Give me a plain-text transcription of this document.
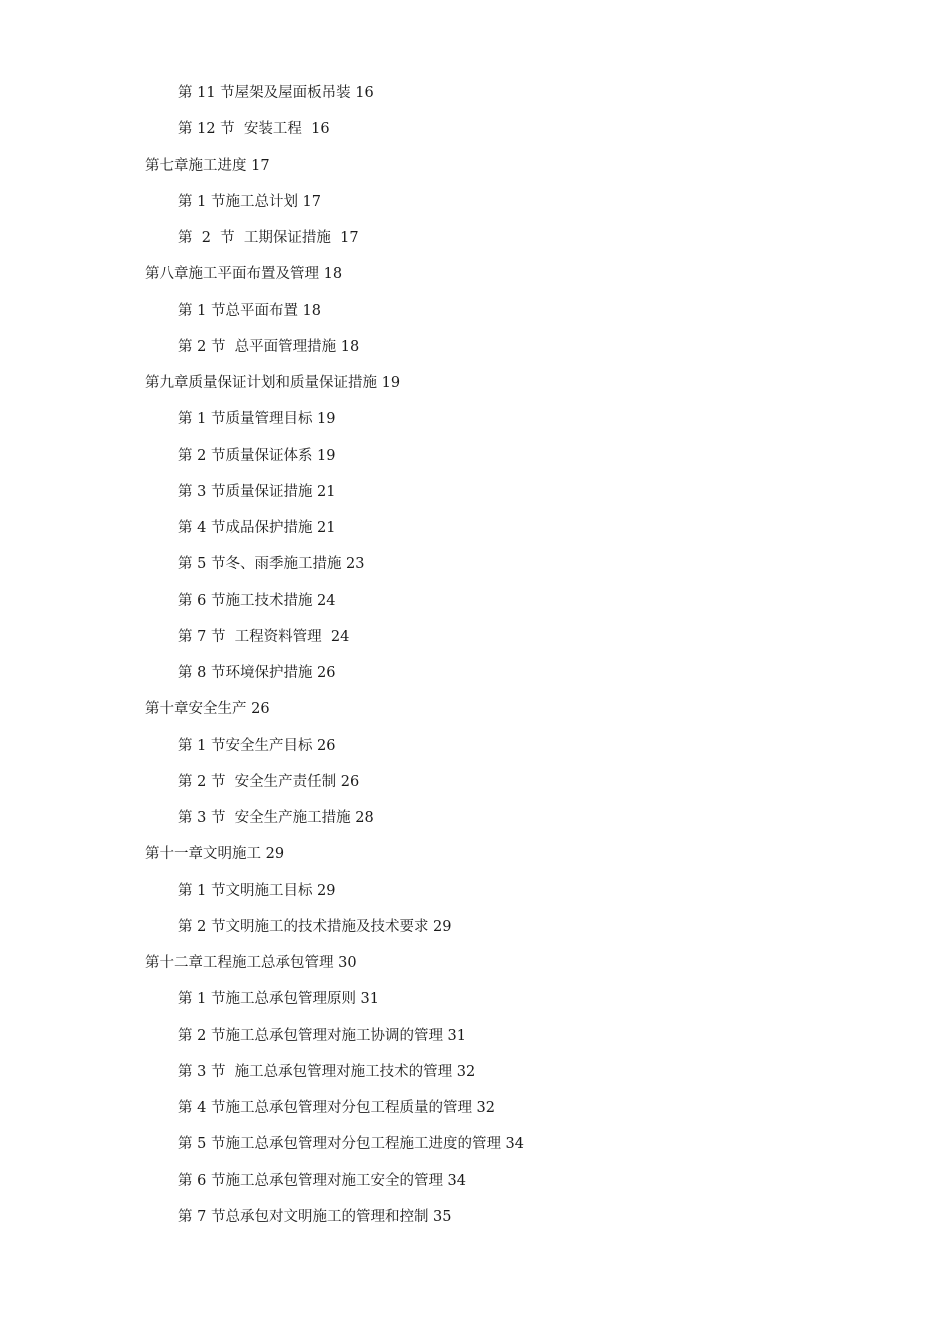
第 11 节屋架及屋面板吊装 16
第 12 节  安装工程  16
第七章施工进度 17
第 1 节施工总计划 17
第  2  节  工期保证措施  17
第八章施工平面布置及管理 18
第 1 节总平面布置 18
第 2 节  总平面管理措施 18
第九章质量保证计划和质量保证措施 19
第 1 节质量管理目标 19
第 2 节质量保证体系 19
第 3 节质量保证措施 21
第 4 节成品保护措施 21
第 5 节冬、雨季施工措施 23
第 6 节施工技术措施 24
第 7 节  工程资料管理  24
第 8 节环境保护措施 26
第十章安全生产 26
第 1 节安全生产目标 26
第 2 节  安全生产责任制 26
第 3 节  安全生产施工措施 28
第十一章文明施工 29
第 1 节文明施工目标 29
第 2 节文明施工的技术措施及技术要求 29
第十二章工程施工总承包管理 30
第 1 节施工总承包管理原则 31
第 2 节施工总承包管理对施工协调的管理 31
第 3 节  施工总承包管理对施工技术的管理 32
第 4 节施工总承包管理对分包工程质量的管理 32
第 5 节施工总承包管理对分包工程施工进度的管理 34
第 6 节施工总承包管理对施工安全的管理 34
第 7 节总承包对文明施工的管理和控制 35
